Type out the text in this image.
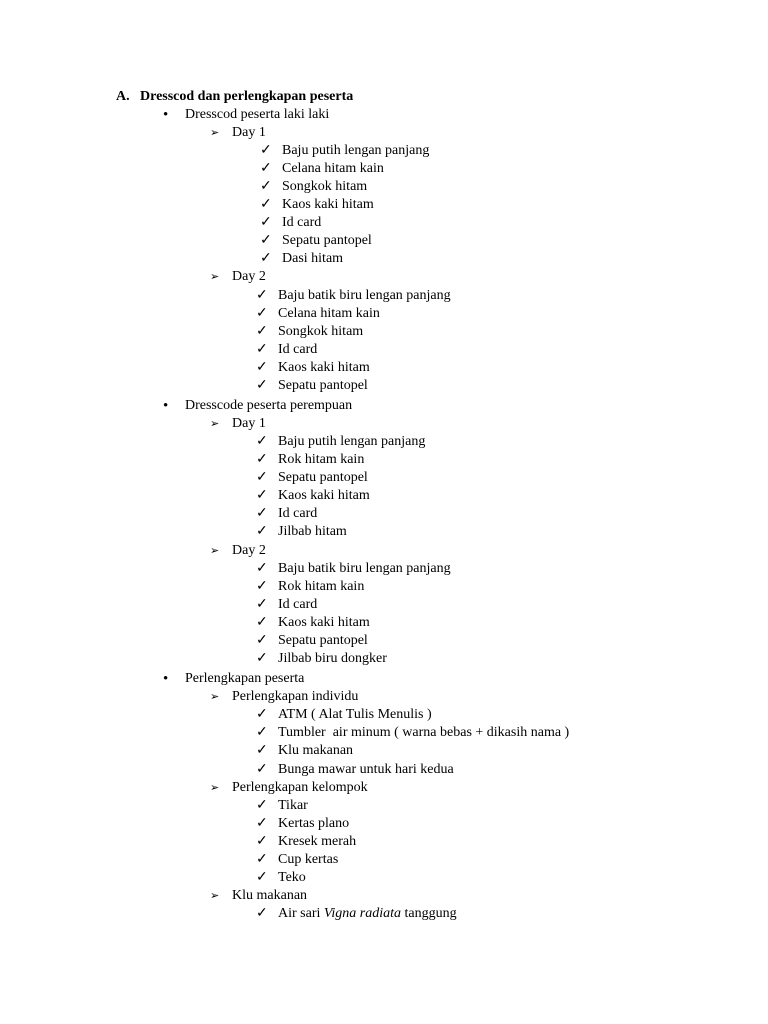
A. Dresscod dan perlengkapan peserta
• Dresscod peserta laki laki
➢ Day 1
✓ Baju putih lengan panjang
✓ Celana hitam kain
✓ Songkok hitam
✓ Kaos kaki hitam
✓ Id card
✓ Sepatu pantopel
✓ Dasi hitam
➢ Day 2
✓ Baju batik biru lengan panjang
✓ Celana hitam kain
✓ Songkok hitam
✓ Id card
✓ Kaos kaki hitam
✓ Sepatu pantopel
• Dresscode peserta perempuan
➢ Day 1
✓ Baju putih lengan panjang
✓ Rok hitam kain
✓ Sepatu pantopel
✓ Kaos kaki hitam
✓ Id card
✓ Jilbab hitam
➢ Day 2
✓ Baju batik biru lengan panjang
✓ Rok hitam kain
✓ Id card
✓ Kaos kaki hitam
✓ Sepatu pantopel
✓ Jilbab biru dongker
• Perlengkapan peserta
➢ Perlengkapan individu
✓ ATM ( Alat Tulis Menulis )
✓ Tumbler  air minum ( warna bebas + dikasih nama )
✓ Klu makanan
✓ Bunga mawar untuk hari kedua
➢ Perlengkapan kelompok
✓ Tikar
✓ Kertas plano
✓ Kresek merah
✓ Cup kertas
✓ Teko
➢ Klu makanan
✓ Air sari Vigna radiata tanggung
